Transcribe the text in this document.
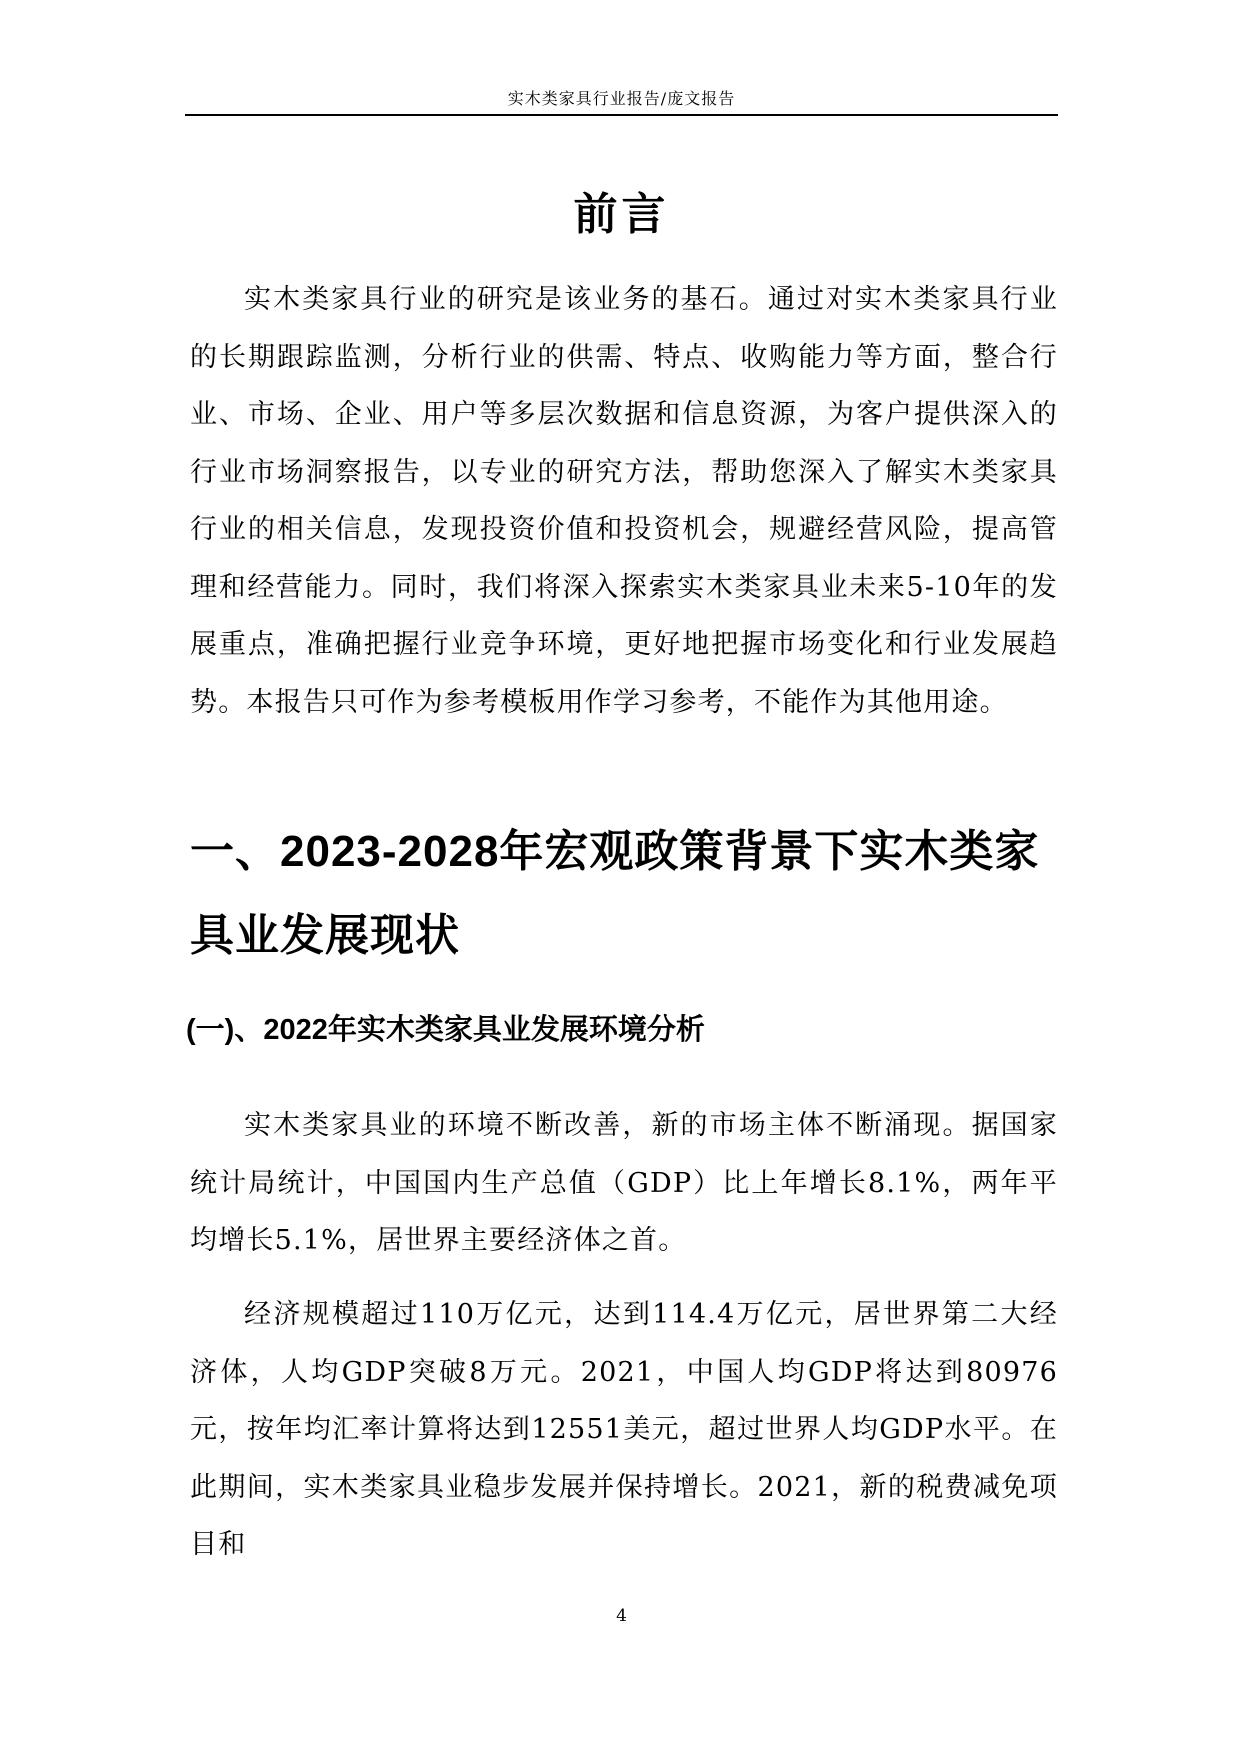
实木类家具行业报告/庞文报告
前言

实木类家具行业的研究是该业务的基石。通过对实木类家具行业的长期跟踪监测，分析行业的供需、特点、收购能力等方面，整合行业、市场、企业、用户等多层次数据和信息资源，为客户提供深入的行业市场洞察报告，以专业的研究方法，帮助您深入了解实木类家具行业的相关信息，发现投资价值和投资机会，规避经营风险，提高管理和经营能力。同时，我们将深入探索实木类家具业未来5-10年的发展重点，准确把握行业竞争环境，更好地把握市场变化和行业发展趋势。本报告只可作为参考模板用作学习参考，不能作为其他用途。

一、2023-2028年宏观政策背景下实木类家具业发展现状
(一)、2022年实木类家具业发展环境分析

实木类家具业的环境不断改善，新的市场主体不断涌现。据国家统计局统计，中国国内生产总值（GDP）比上年增长8.1%，两年平均增长5.1%，居世界主要经济体之首。

经济规模超过110万亿元，达到114.4万亿元，居世界第二大经济体，人均GDP突破8万元。2021，中国人均GDP将达到80976元，按年均汇率计算将达到12551美元，超过世界人均GDP水平。在此期间，实木类家具业稳步发展并保持增长。2021，新的税费减免项目和

4
